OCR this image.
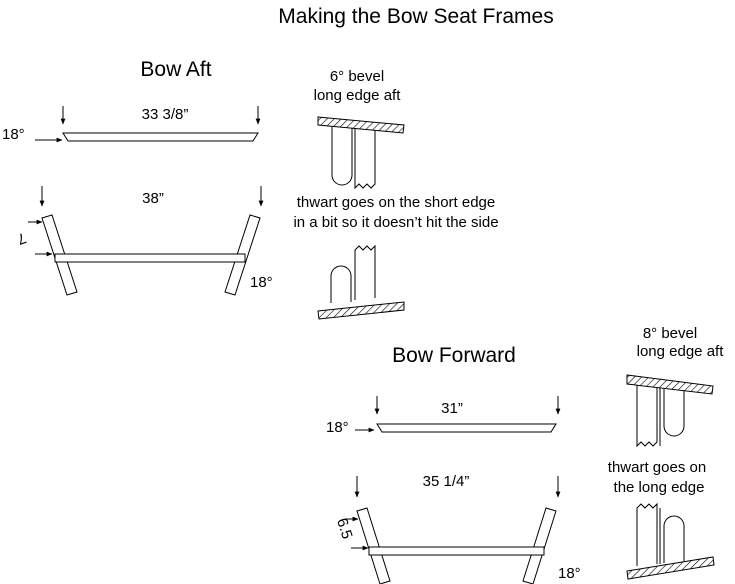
Making the Bow Seat Frames
Bow Aft
33 3/8”
18°
38”
7
18°
6° bevel
long edge aft
thwart goes on the short edge
in a bit so it doesn’t hit the side
Bow Forward
31”
18°
35 1/4”
6.5
18°
8° bevel
long edge aft
thwart goes on
the long edge
